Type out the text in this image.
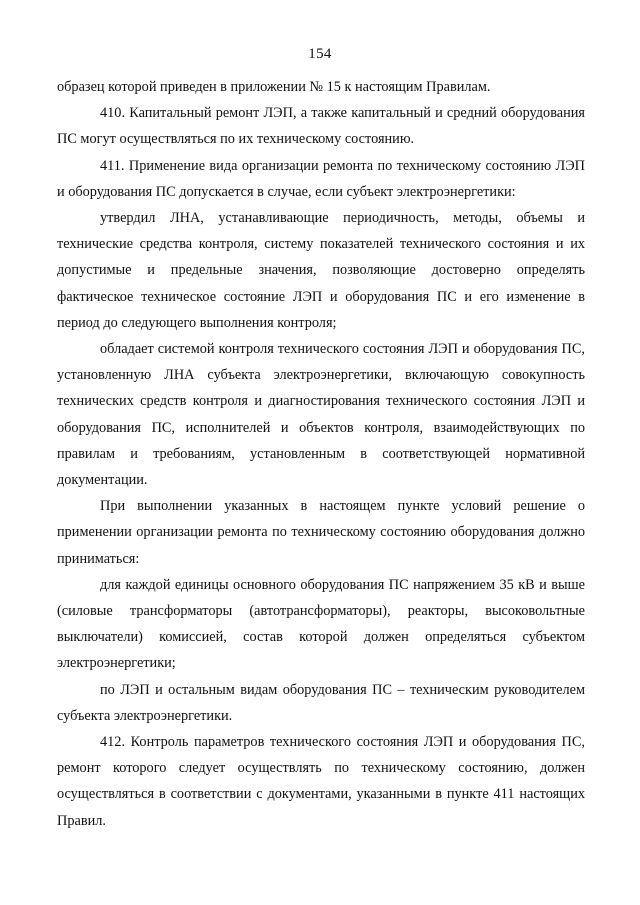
154

образец которой приведен в приложении № 15 к настоящим Правилам.

410. Капитальный ремонт ЛЭП, а также капитальный и средний оборудования ПС могут осуществляться по их техническому состоянию.

411. Применение вида организации ремонта по техническому состоянию ЛЭП и оборудования ПС допускается в случае, если субъект электроэнергетики:

утвердил ЛНА, устанавливающие периодичность, методы, объемы и технические средства контроля, систему показателей технического состояния и их допустимые и предельные значения, позволяющие достоверно определять фактическое техническое состояние ЛЭП и оборудования ПС и его изменение в период до следующего выполнения контроля;

обладает системой контроля технического состояния ЛЭП и оборудования ПС, установленную ЛНА субъекта электроэнергетики, включающую совокупность технических средств контроля и диагностирования технического состояния ЛЭП и оборудования ПС, исполнителей и объектов контроля, взаимодействующих по правилам и требованиям, установленным в соответствующей нормативной документации.

При выполнении указанных в настоящем пункте условий решение о применении организации ремонта по техническому состоянию оборудования должно приниматься:

для каждой единицы основного оборудования ПС напряжением 35 кВ и выше (силовые трансформаторы (автотрансформаторы), реакторы, высоковольтные выключатели) комиссией, состав которой должен определяться субъектом электроэнергетики;

по ЛЭП и остальным видам оборудования ПС – техническим руководителем субъекта электроэнергетики.

412. Контроль параметров технического состояния ЛЭП и оборудования ПС, ремонт которого следует осуществлять по техническому состоянию, должен осуществляться в соответствии с документами, указанными в пункте 411 настоящих Правил.
